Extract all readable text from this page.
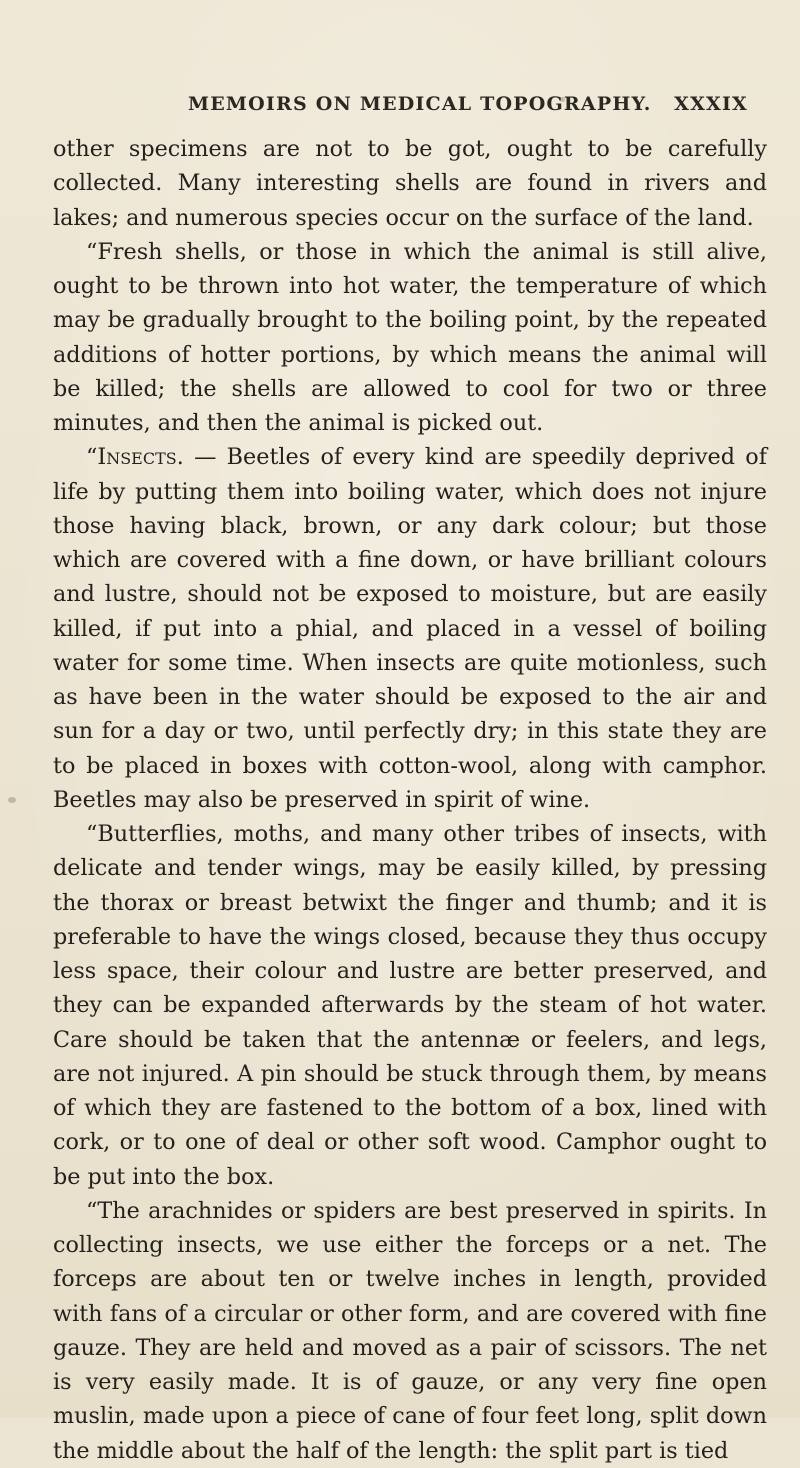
MEMOIRS ON MEDICAL TOPOGRAPHY. XXXIX

other specimens are not to be got, ought to be carefully collected. Many interesting shells are found in rivers and lakes; and numerous species occur on the surface of the land.

“Fresh shells, or those in which the animal is still alive, ought to be thrown into hot water, the temperature of which may be gradually brought to the boiling point, by the repeated additions of hotter portions, by which means the animal will be killed; the shells are allowed to cool for two or three minutes, and then the animal is picked out.

“Insects. — Beetles of every kind are speedily deprived of life by putting them into boiling water, which does not injure those having black, brown, or any dark colour; but those which are covered with a fine down, or have brilliant colours and lustre, should not be exposed to moisture, but are easily killed, if put into a phial, and placed in a vessel of boiling water for some time. When insects are quite motionless, such as have been in the water should be exposed to the air and sun for a day or two, until perfectly dry; in this state they are to be placed in boxes with cotton-wool, along with camphor. Beetles may also be preserved in spirit of wine.

“Butterflies, moths, and many other tribes of insects, with delicate and tender wings, may be easily killed, by pressing the thorax or breast betwixt the finger and thumb; and it is preferable to have the wings closed, because they thus occupy less space, their colour and lustre are better preserved, and they can be expanded afterwards by the steam of hot water. Care should be taken that the antennæ or feelers, and legs, are not injured. A pin should be stuck through them, by means of which they are fastened to the bottom of a box, lined with cork, or to one of deal or other soft wood. Camphor ought to be put into the box.

“The arachnides or spiders are best preserved in spirits. In collecting insects, we use either the forceps or a net. The forceps are about ten or twelve inches in length, provided with fans of a circular or other form, and are covered with fine gauze. They are held and moved as a pair of scissors. The net is very easily made. It is of gauze, or any very fine open muslin, made upon a piece of cane of four feet long, split down the middle about the half of the length: the split part is tied
